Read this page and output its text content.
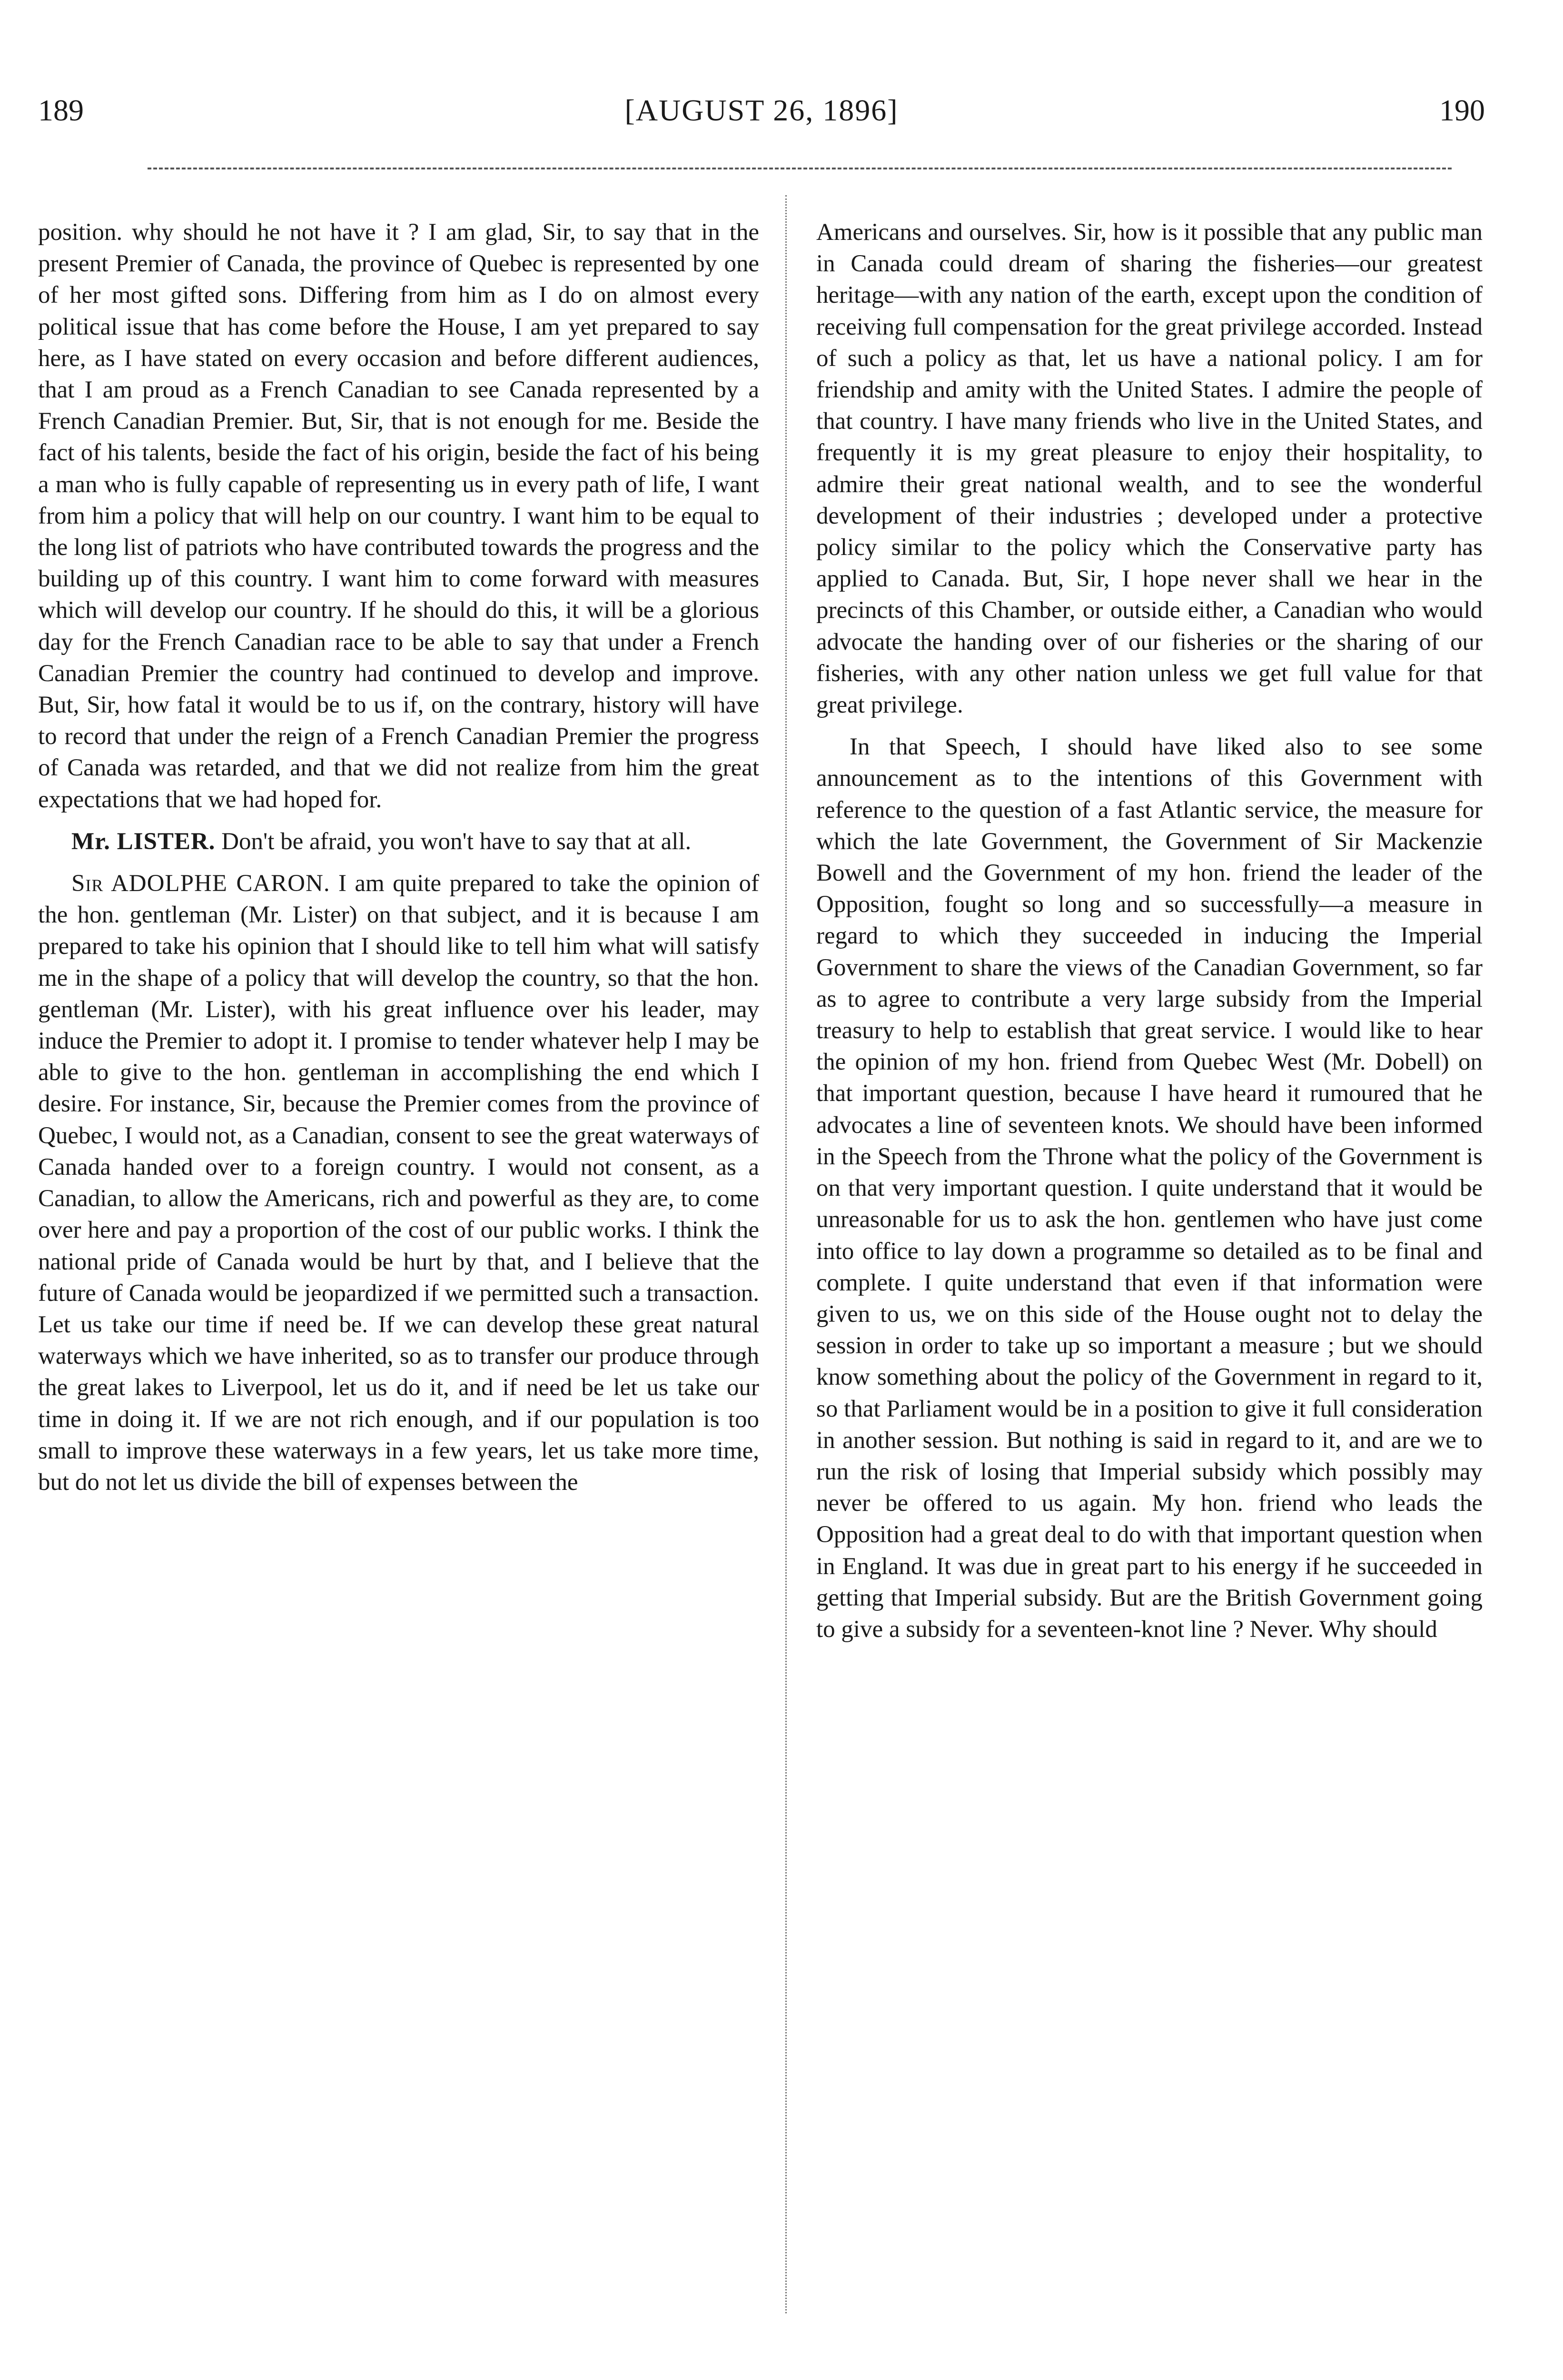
189	[AUGUST 26, 1896]	190

position. why should he not have it ? I am glad, Sir, to say that in the present Premier of Canada, the province of Quebec is represented by one of her most gifted sons. Differing from him as I do on almost every political issue that has come before the House, I am yet prepared to say here, as I have stated on every occasion and before different audiences, that I am proud as a French Canadian to see Canada represented by a French Canadian Premier. But, Sir, that is not enough for me. Beside the fact of his talents, beside the fact of his origin, beside the fact of his being a man who is fully capable of representing us in every path of life, I want from him a policy that will help on our country. I want him to be equal to the long list of patriots who have contributed towards the progress and the building up of this country. I want him to come forward with measures which will develop our country. If he should do this, it will be a glorious day for the French Canadian race to be able to say that under a French Canadian Premier the country had continued to develop and improve. But, Sir, how fatal it would be to us if, on the contrary, history will have to record that under the reign of a French Canadian Premier the progress of Canada was retarded, and that we did not realize from him the great expectations that we had hoped for.

Mr. LISTER. Don't be afraid, you won't have to say that at all.

Sir ADOLPHE CARON. I am quite prepared to take the opinion of the hon. gentleman (Mr. Lister) on that subject, and it is because I am prepared to take his opinion that I should like to tell him what will satisfy me in the shape of a policy that will develop the country, so that the hon. gentleman (Mr. Lister), with his great influence over his leader, may induce the Premier to adopt it. I promise to tender whatever help I may be able to give to the hon. gentleman in accomplishing the end which I desire. For instance, Sir, because the Premier comes from the province of Quebec, I would not, as a Canadian, consent to see the great waterways of Canada handed over to a foreign country. I would not consent, as a Canadian, to allow the Americans, rich and powerful as they are, to come over here and pay a proportion of the cost of our public works. I think the national pride of Canada would be hurt by that, and I believe that the future of Canada would be jeopardized if we permitted such a transaction. Let us take our time if need be. If we can develop these great natural waterways which we have inherited, so as to transfer our produce through the great lakes to Liverpool, let us do it, and if need be let us take our time in doing it. If we are not rich enough, and if our population is too small to improve these waterways in a few years, let us take more time, but do not let us divide the bill of expenses between the

Americans and ourselves. Sir, how is it possible that any public man in Canada could dream of sharing the fisheries—our greatest heritage—with any nation of the earth, except upon the condition of receiving full compensation for the great privilege accorded. Instead of such a policy as that, let us have a national policy. I am for friendship and amity with the United States. I admire the people of that country. I have many friends who live in the United States, and frequently it is my great pleasure to enjoy their hospitality, to admire their great national wealth, and to see the wonderful development of their industries ; developed under a protective policy similar to the policy which the Conservative party has applied to Canada. But, Sir, I hope never shall we hear in the precincts of this Chamber, or outside either, a Canadian who would advocate the handing over of our fisheries or the sharing of our fisheries, with any other nation unless we get full value for that great privilege.

In that Speech, I should have liked also to see some announcement as to the intentions of this Government with reference to the question of a fast Atlantic service, the measure for which the late Government, the Government of Sir Mackenzie Bowell and the Government of my hon. friend the leader of the Opposition, fought so long and so successfully—a measure in regard to which they succeeded in inducing the Imperial Government to share the views of the Canadian Government, so far as to agree to contribute a very large subsidy from the Imperial treasury to help to establish that great service. I would like to hear the opinion of my hon. friend from Quebec West (Mr. Dobell) on that important question, because I have heard it rumoured that he advocates a line of seventeen knots. We should have been informed in the Speech from the Throne what the policy of the Government is on that very important question. I quite understand that it would be unreasonable for us to ask the hon. gentlemen who have just come into office to lay down a programme so detailed as to be final and complete. I quite understand that even if that information were given to us, we on this side of the House ought not to delay the session in order to take up so important a measure ; but we should know something about the policy of the Government in regard to it, so that Parliament would be in a position to give it full consideration in another session. But nothing is said in regard to it, and are we to run the risk of losing that Imperial subsidy which possibly may never be offered to us again. My hon. friend who leads the Opposition had a great deal to do with that important question when in England. It was due in great part to his energy if he succeeded in getting that Imperial subsidy. But are the British Government going to give a subsidy for a seventeen-knot line ? Never. Why should
